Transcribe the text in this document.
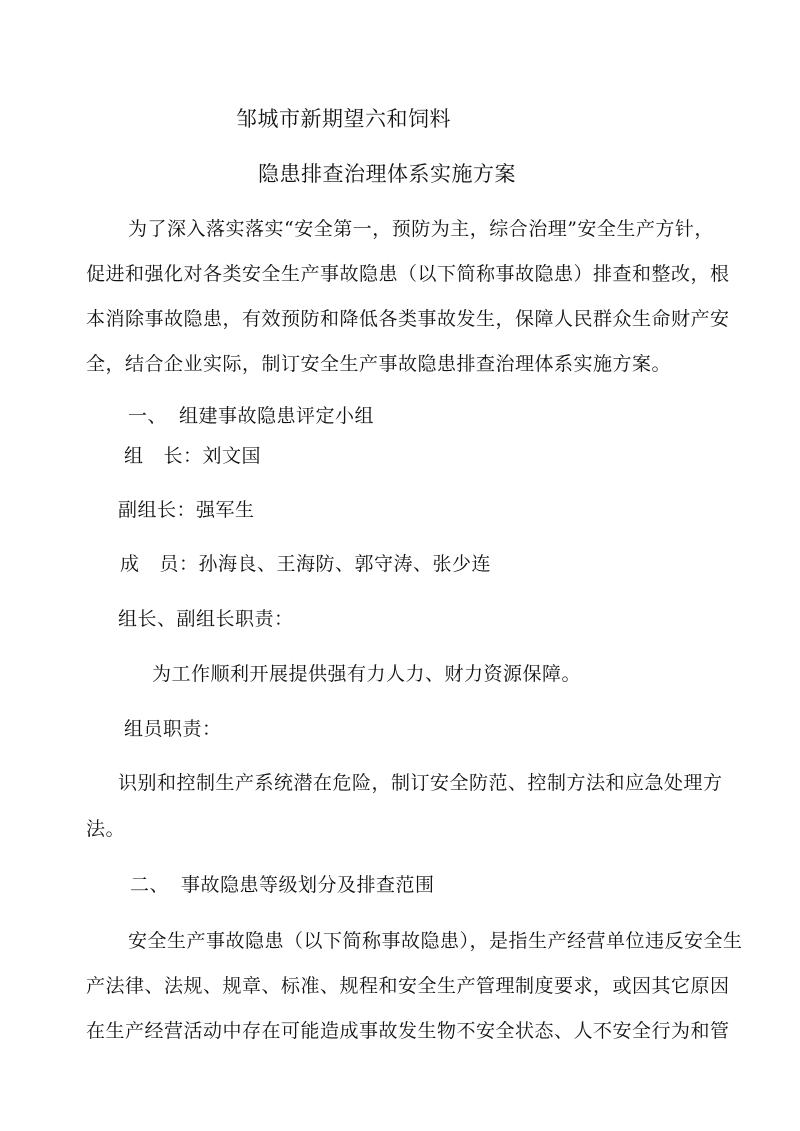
邹城市新期望六和饲料
隐患排查治理体系实施方案
为了深入落实落实“安全第一，预防为主，综合治理”安全生产方针，
促进和强化对各类安全生产事故隐患（以下简称事故隐患）排查和整改，根
本消除事故隐患，有效预防和降低各类事故发生，保障人民群众生命财产安
全，结合企业实际，制订安全生产事故隐患排查治理体系实施方案。
一、 组建事故隐患评定小组
组 长：刘文国
副组长：强军生
成 员：孙海良、王海防、郭守涛、张少连
组长、副组长职责：
为工作顺利开展提供强有力人力、财力资源保障。
组员职责：
识别和控制生产系统潜在危险，制订安全防范、控制方法和应急处理方
法。
二、 事故隐患等级划分及排查范围
安全生产事故隐患（以下简称事故隐患），是指生产经营单位违反安全生
产法律、法规、规章、标准、规程和安全生产管理制度要求，或因其它原因
在生产经营活动中存在可能造成事故发生物不安全状态、人不安全行为和管
